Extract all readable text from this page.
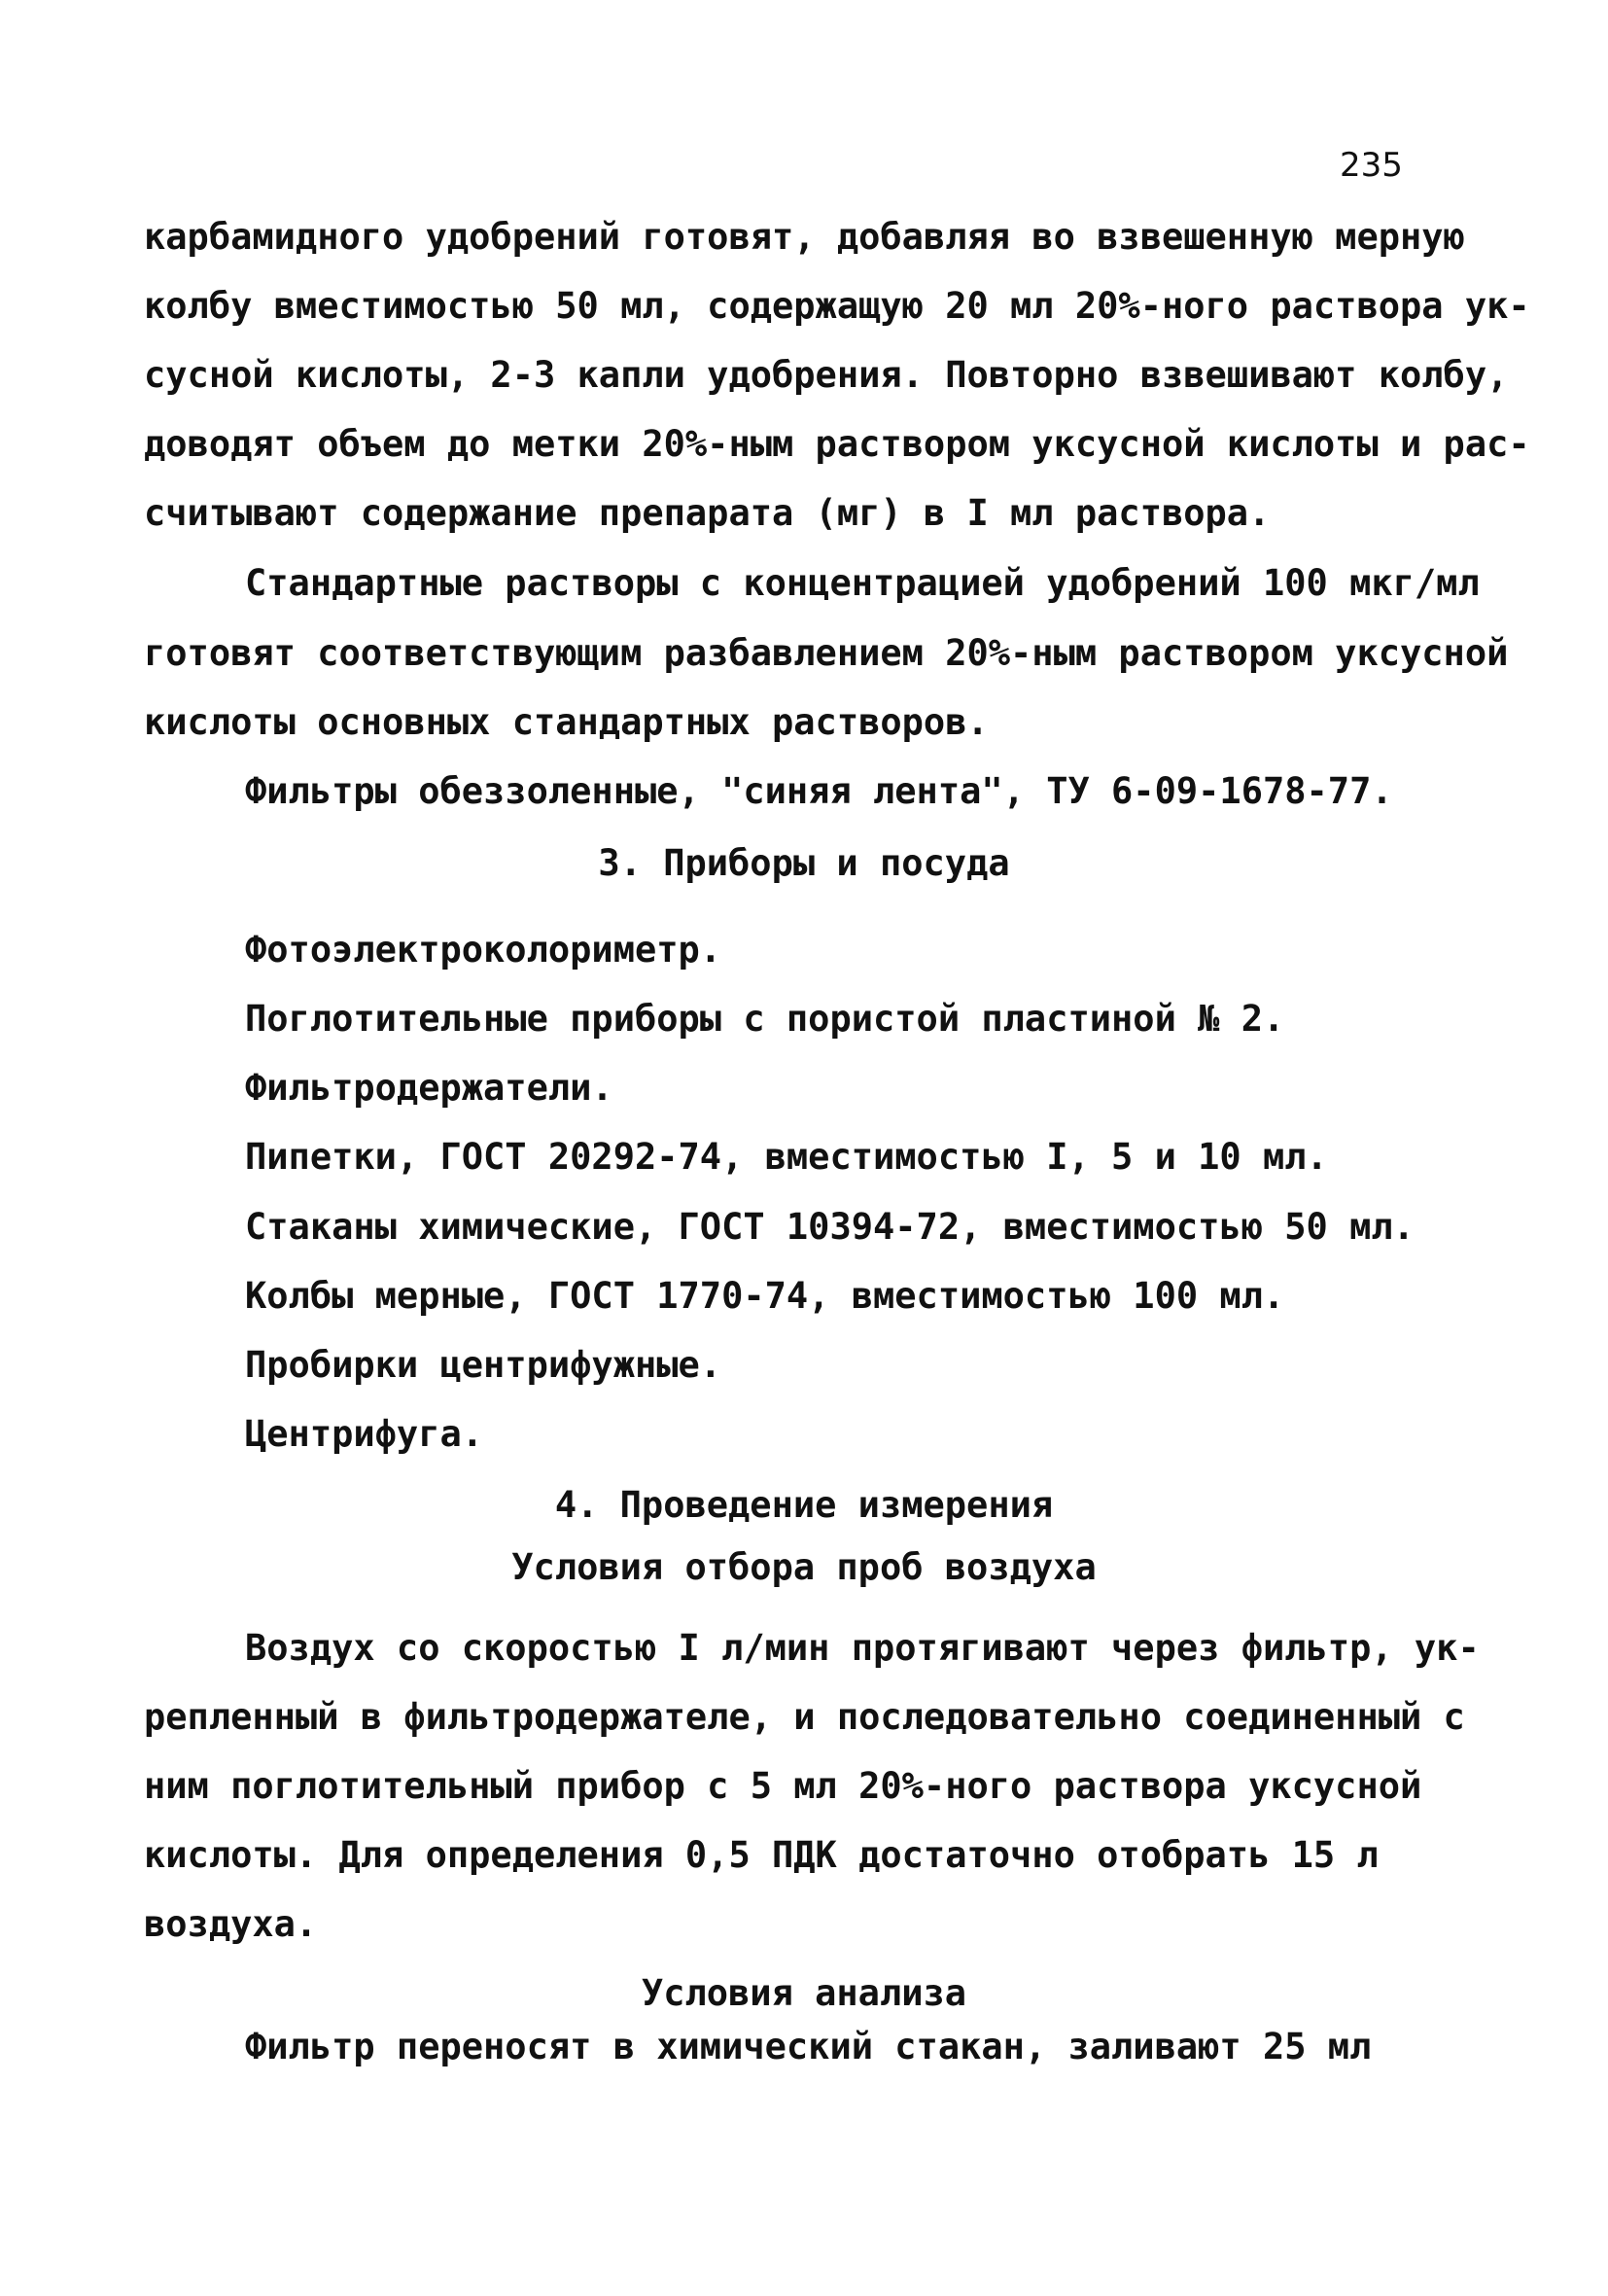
235
карбамидного удобрений готовят, добавляя во взвешенную мерную
колбу вместимостью 50 мл, содержащую 20 мл 20%-ного раствора ук-
сусной кислоты, 2-3 капли удобрения. Повторно взвешивают колбу,
доводят объем до метки 20%-ным раствором уксусной кислоты и рас-
считывают содержание препарата (мг) в I мл раствора.
Стандартные растворы с концентрацией удобрений 100 мкг/мл
готовят соответствующим разбавлением 20%-ным раствором уксусной
кислоты основных стандартных растворов.
Фильтры обеззоленные, "синяя лента", ТУ 6-09-1678-77.
3. Приборы и посуда
Фотоэлектроколориметр.
Поглотительные приборы с пористой пластиной № 2.
Фильтродержатели.
Пипетки, ГОСТ 20292-74, вместимостью I, 5 и 10 мл.
Стаканы химические, ГОСТ 10394-72, вместимостью 50 мл.
Колбы мерные, ГОСТ 1770-74, вместимостью 100 мл.
Пробирки центрифужные.
Центрифуга.
4. Проведение измерения
Условия отбора проб воздуха
Воздух со скоростью I л/мин протягивают через фильтр, ук-
репленный в фильтродержателе, и последовательно соединенный с
ним поглотительный прибор с 5 мл 20%-ного раствора уксусной
кислоты. Для определения 0,5 ПДК достаточно отобрать 15 л
воздуха.
Условия анализа
Фильтр переносят в химический стакан, заливают 25 мл
